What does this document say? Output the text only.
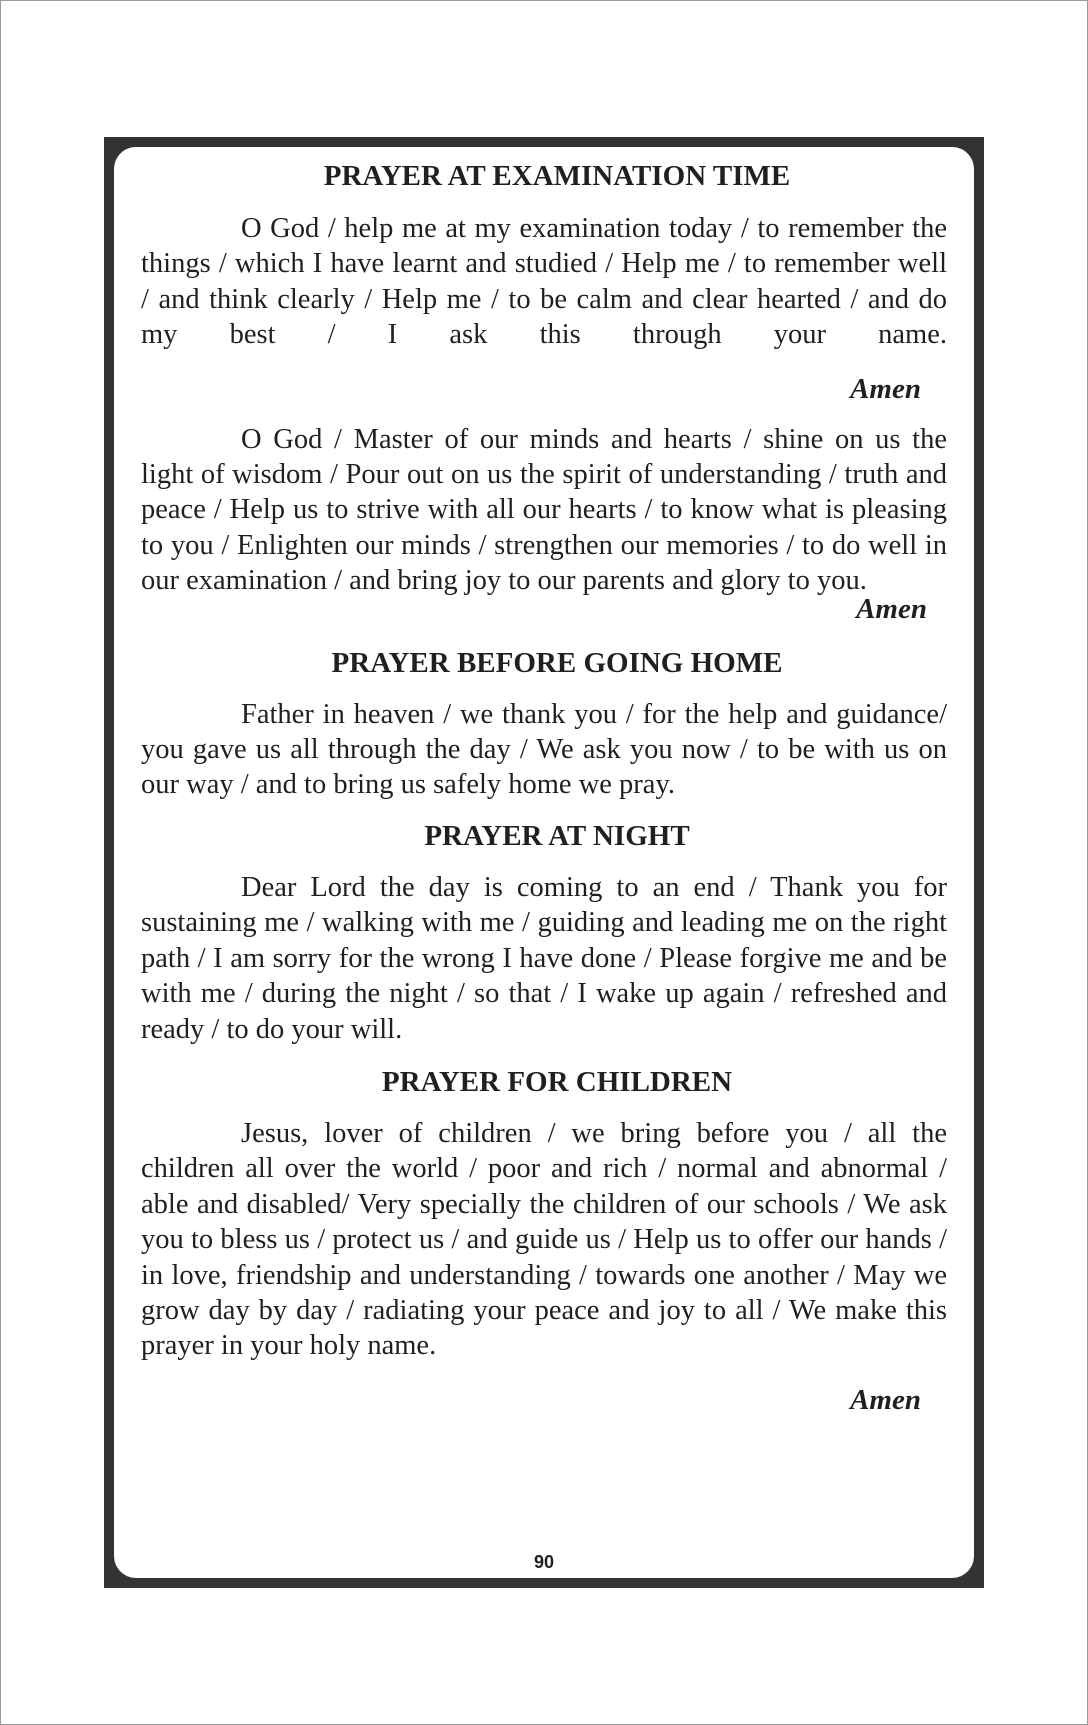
PRAYER AT EXAMINATION TIME

O God / help me at my examination today / to remember the things / which I have learnt and studied / Help me / to remember well / and think clearly / Help me / to be calm and clear hearted / and do my best / I ask this through your name.

Amen

O God / Master of our minds and hearts / shine on us the light of wisdom / Pour out on us the spirit of understanding / truth and peace / Help us to strive with all our hearts / to know what is pleasing to you / Enlighten our minds / strengthen our memories / to do well in our examination / and bring joy to our parents and glory to you.

Amen
PRAYER BEFORE GOING HOME

Father in heaven / we thank you / for the help and guidance/ you gave us all through the day / We ask you now / to be with us on our way / and to bring us safely home we pray.

PRAYER AT NIGHT

Dear Lord the day is coming to an end / Thank you for sustaining me / walking with me / guiding and leading me on the right path / I am sorry for the wrong I have done / Please forgive me and be with me / during the night / so that / I wake up again / refreshed and ready / to do your will.

PRAYER FOR CHILDREN

Jesus, lover of children / we bring before you / all the children all over the world / poor and rich / normal and abnormal / able and disabled/ Very specially the children of our schools / We ask you to bless us / protect us / and guide us / Help us to offer our hands / in love, friendship and understanding / towards one another / May we grow day by day / radiating your peace and joy to all / We make this prayer in your holy name.

Amen
90
